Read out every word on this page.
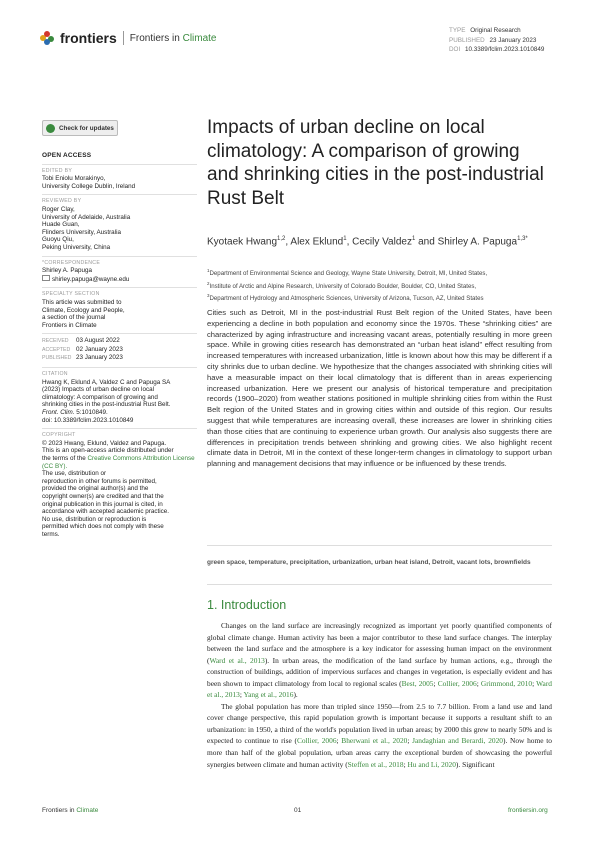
frontiers Frontiers in Climate
TYPE Original Research
PUBLISHED 23 January 2023
DOI 10.3389/fclim.2023.1010849
Check for updates
OPEN ACCESS
EDITED BY
Tobi Eniolu Morakinyo,
University College Dublin, Ireland
REVIEWED BY
Roger Clay,
University of Adelaide, Australia
Huade Guan,
Flinders University, Australia
Guoyu Qiu,
Peking University, China
*CORRESPONDENCE
Shirley A. Papuga
shirley.papuga@wayne.edu
SPECIALTY SECTION
This article was submitted to
Climate, Ecology and People,
a section of the journal
Frontiers in Climate
RECEIVED 03 August 2022
ACCEPTED 02 January 2023
PUBLISHED 23 January 2023
CITATION
Hwang K, Eklund A, Valdez C and Papuga SA
(2023) Impacts of urban decline on local
climatology: A comparison of growing and
shrinking cities in the post-industrial Rust Belt.
Front. Clim. 5:1010849.
doi: 10.3389/fclim.2023.1010849
COPYRIGHT
© 2023 Hwang, Eklund, Valdez and Papuga.
This is an open-access article distributed under
the terms of the Creative Commons Attribution License (CC BY).
The use, distribution or
reproduction in other forums is permitted,
provided the original author(s) and the
copyright owner(s) are credited and that the
original publication in this journal is cited, in
accordance with accepted academic practice.
No use, distribution or reproduction is
permitted which does not comply with these
terms.
Impacts of urban decline on local climatology: A comparison of growing and shrinking cities in the post-industrial Rust Belt
Kyotaek Hwang$^{1,2}$, Alex Eklund$^1$, Cecily Valdez$^1$ and Shirley A. Papuga$^{1,3*}$
$^1$Department of Environmental Science and Geology, Wayne State University, Detroit, MI, United States,
$^2$Institute of Arctic and Alpine Research, University of Colorado Boulder, Boulder, CO, United States,
$^3$Department of Hydrology and Atmospheric Sciences, University of Arizona, Tucson, AZ, United States
Cities such as Detroit, MI in the post-industrial Rust Belt region of the United States, have been experiencing a decline in both population and economy since the 1970s. These “shrinking cities” are characterized by aging infrastructure and increasing vacant areas, potentially resulting in more green space. While in growing cities research has demonstrated an “urban heat island” effect resulting from increased temperatures with increased urbanization, little is known about how this may be different if a city shrinks due to urban decline. We hypothesize that the changes associated with shrinking cities will have a measurable impact on their local climatology that is different than in areas experiencing increased urbanization. Here we present our analysis of historical temperature and precipitation records (1900–2020) from weather stations positioned in multiple shrinking cities from within the Rust Belt region of the United States and in growing cities within and outside of this region. Our results suggest that while temperatures are increasing overall, these increases are lower in shrinking cities than those cities that are continuing to experience urban growth. Our analysis also suggests there are differences in precipitation trends between shrinking and growing cities. We also highlight recent climate data in Detroit, MI in the context of these longer-term changes in climatology to support urban planning and management decisions that may influence or be influenced by these trends.
green space, temperature, precipitation, urbanization, urban heat island, Detroit, vacant lots, brownfields
1. Introduction

Changes on the land surface are increasingly recognized as important yet poorly quantified components of global climate change. Human activity has been a major contributor to these land surface changes. The interplay between the land surface and the atmosphere is a key indicator for assessing human impact on the environment (Ward et al., 2013). In urban areas, the modification of the land surface by human actions, e.g., through the construction of buildings, addition of impervious surfaces and changes in vegetation, is especially evident and has been shown to impact climatology from local to regional scales (Best, 2005; Collier, 2006; Grimmond, 2010; Ward et al., 2013; Yang et al., 2016).

The global population has more than tripled since 1950—from 2.5 to 7.7 billion. From a land use and land cover change perspective, this rapid population growth is important because it supports a resultant shift to an urbanization: in 1950, a third of the world's population lived in urban areas; by 2000 this grew to nearly 50% and is expected to continue to rise (Collier, 2006; Bherwani et al., 2020; Jandaghian and Berardi, 2020). Now home to more than half of the global population, urban areas carry the exceptional burden of showcasing the powerful synergies between climate and human activity (Steffen et al., 2018; Hu and Li, 2020). Significant

Frontiers in Climate	01	frontiersin.org
